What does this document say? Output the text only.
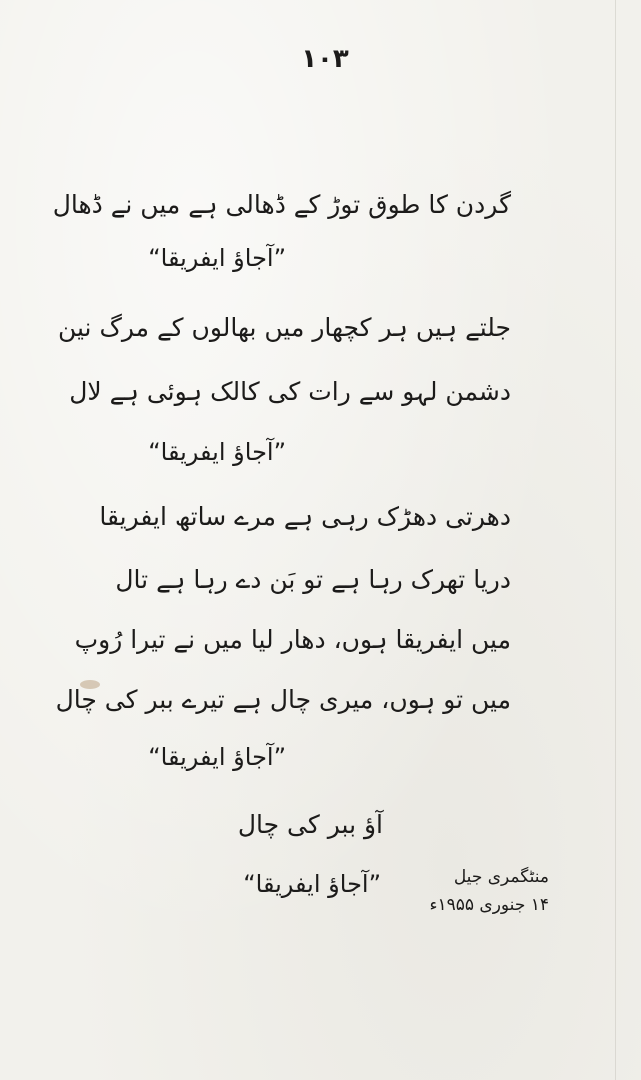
۱۰۳
گردن کا طوق توڑ کے ڈھالی ہے میں نے ڈھال
”آجاؤ ایفریقا“
جلتے ہیں ہر کچھار میں بھالوں کے مرگ نین
دشمن لہو سے رات کی کالک ہوئی ہے لال
”آجاؤ ایفریقا“
دھرتی دھڑک رہی ہے مرے ساتھ ایفریقا
دریا تھرک رہا ہے تو بَن دے رہا ہے تال
میں ایفریقا ہوں، دھار لیا میں نے تیرا رُوپ
میں تو ہوں، میری چال ہے تیرے ببر کی چال
”آجاؤ ایفریقا“
آؤ ببر کی چال
”آجاؤ ایفریقا“	منٹگمری جیل
۱۴ جنوری ۱۹۵۵ء
